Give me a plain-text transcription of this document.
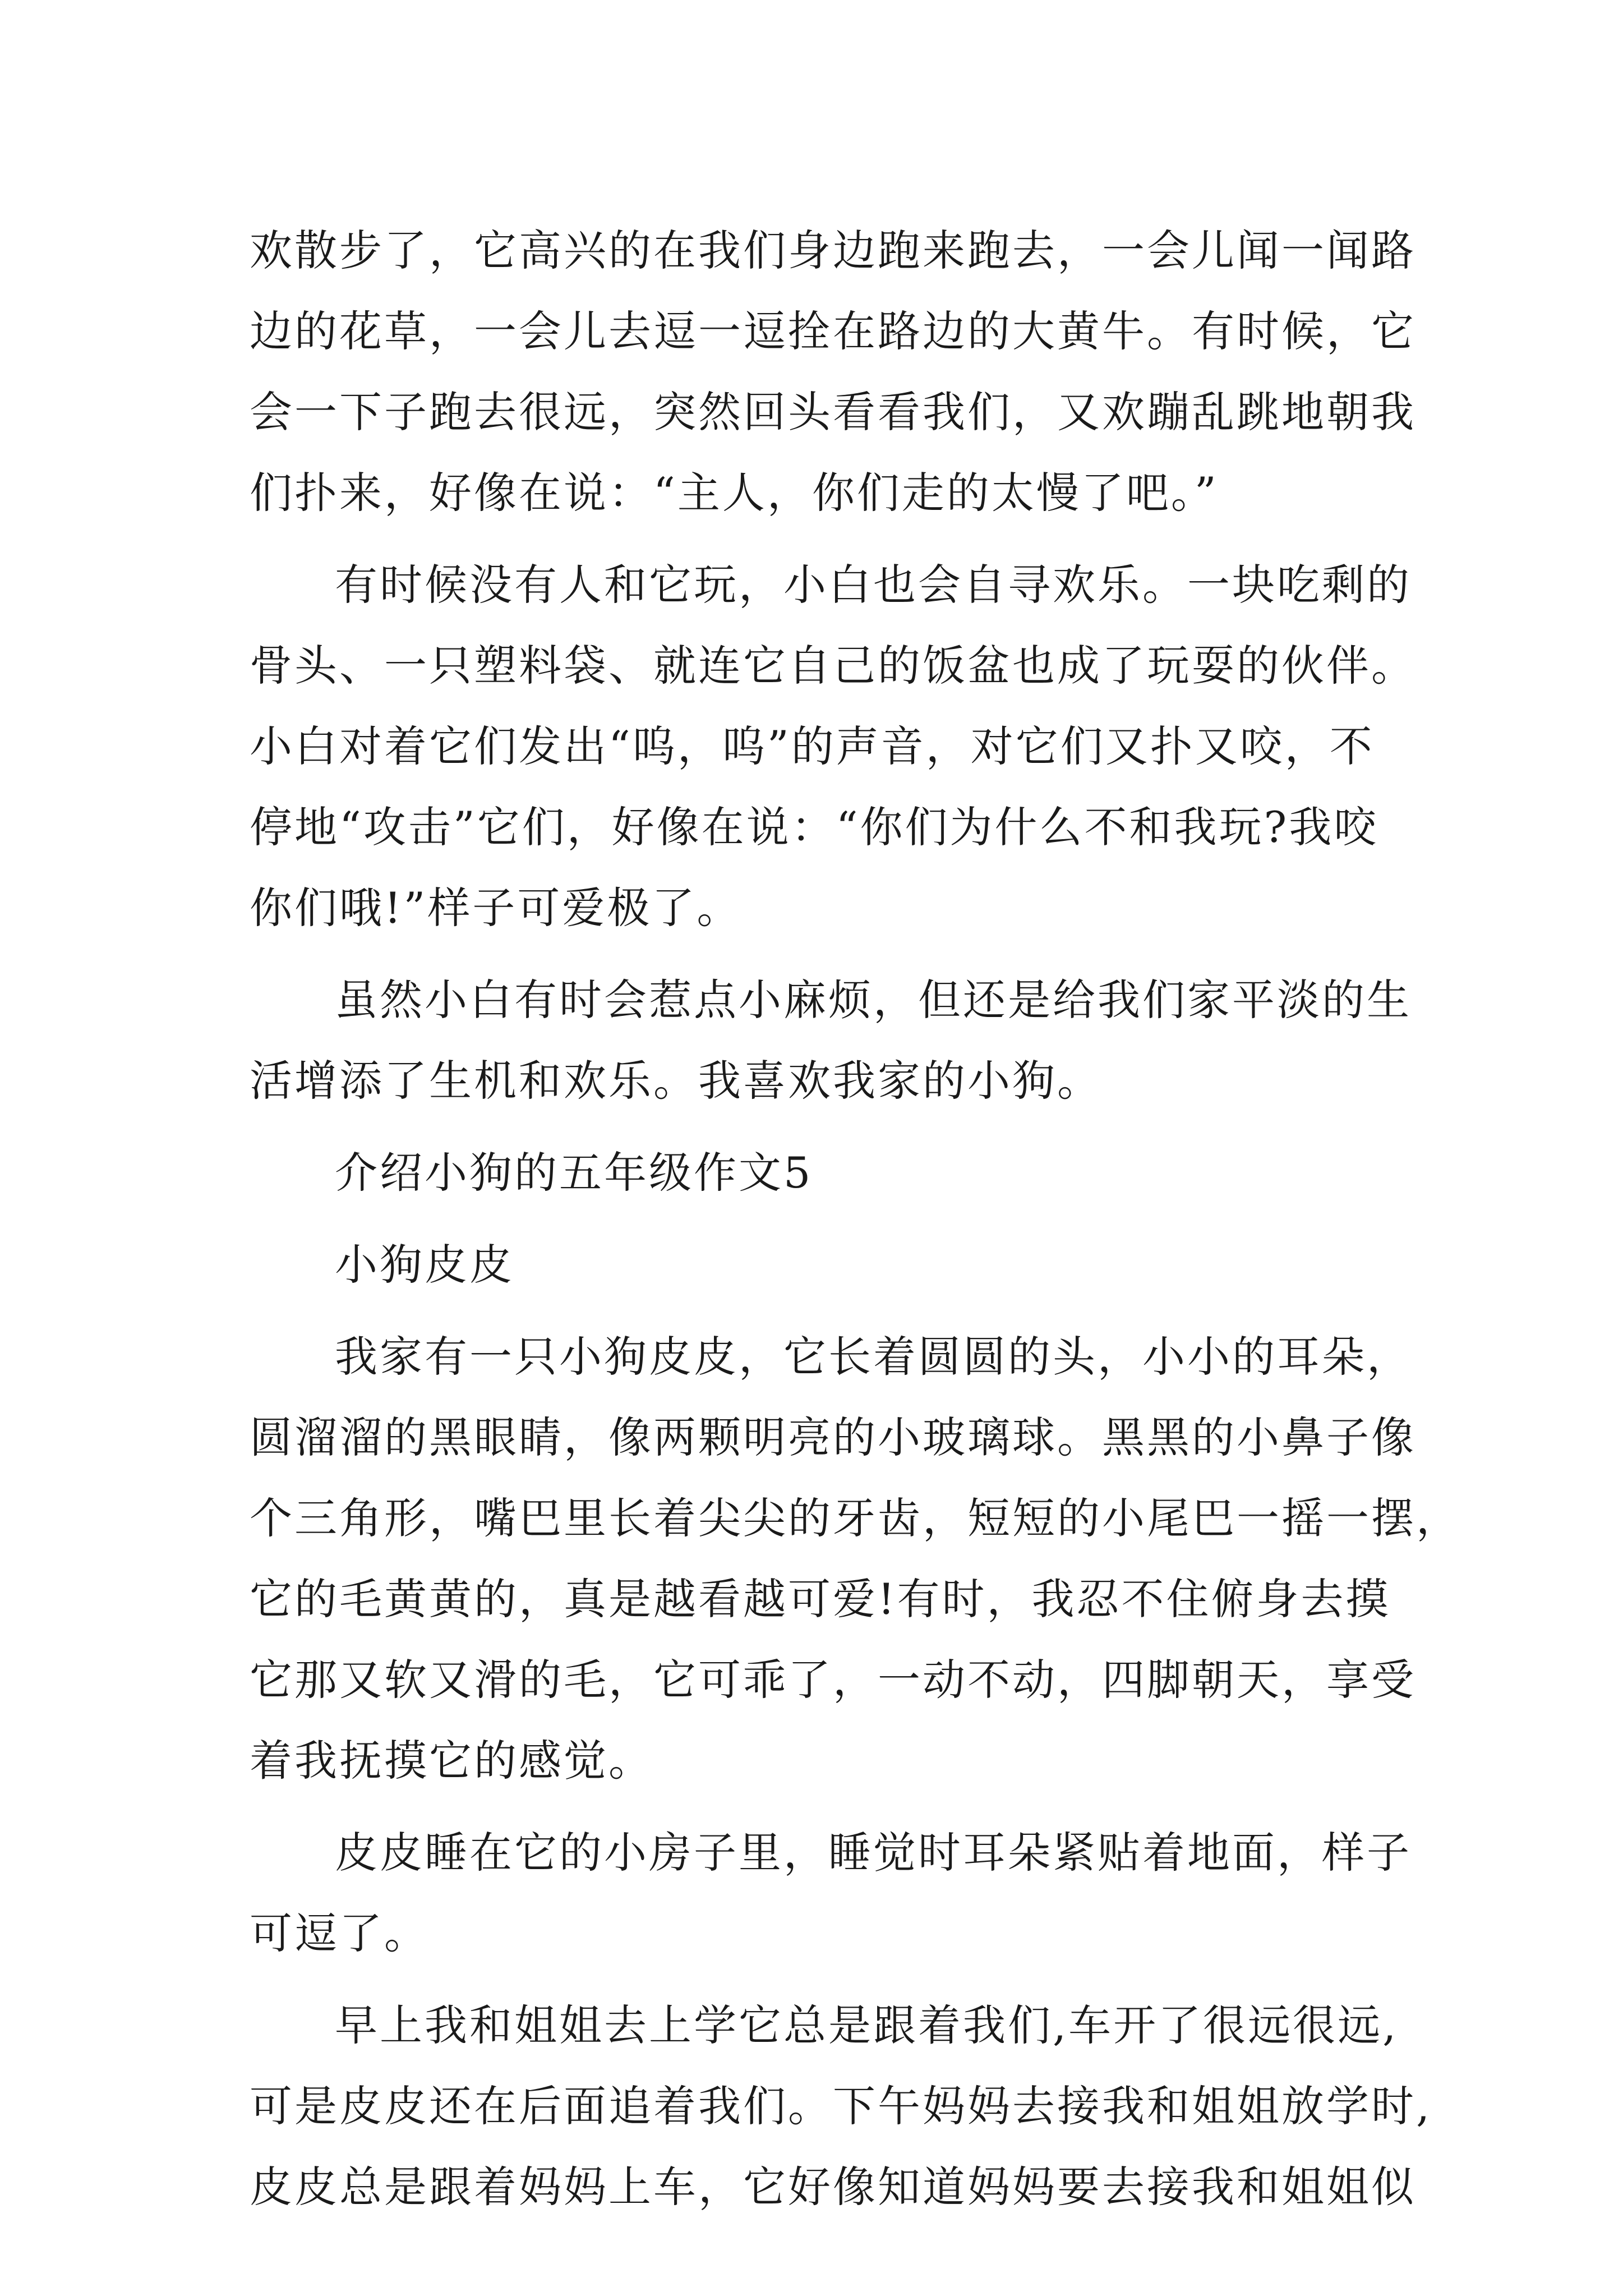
欢散步了，它高兴的在我们身边跑来跑去，一会儿闻一闻路
边的花草，一会儿去逗一逗拴在路边的大黄牛。有时候，它
会一下子跑去很远，突然回头看看我们，又欢蹦乱跳地朝我
们扑来，好像在说：“主人，你们走的太慢了吧。”
有时候没有人和它玩，小白也会自寻欢乐。一块吃剩的
骨头、一只塑料袋、就连它自己的饭盆也成了玩耍的伙伴。
小白对着它们发出“呜，呜”的声音，对它们又扑又咬，不
停地“攻击”它们，好像在说：“你们为什么不和我玩?我咬
你们哦!”样子可爱极了。
虽然小白有时会惹点小麻烦，但还是给我们家平淡的生
活增添了生机和欢乐。我喜欢我家的小狗。
介绍小狗的五年级作文5
小狗皮皮
我家有一只小狗皮皮，它长着圆圆的头，小小的耳朵，
圆溜溜的黑眼睛，像两颗明亮的小玻璃球。黑黑的小鼻子像
个三角形，嘴巴里长着尖尖的牙齿，短短的小尾巴一摇一摆，
它的毛黄黄的，真是越看越可爱!有时，我忍不住俯身去摸
它那又软又滑的毛，它可乖了，一动不动，四脚朝天，享受
着我抚摸它的感觉。
皮皮睡在它的小房子里，睡觉时耳朵紧贴着地面，样子
可逗了。
早上我和姐姐去上学它总是跟着我们,车开了很远很远,
可是皮皮还在后面追着我们。下午妈妈去接我和姐姐放学时,
皮皮总是跟着妈妈上车，它好像知道妈妈要去接我和姐姐似
